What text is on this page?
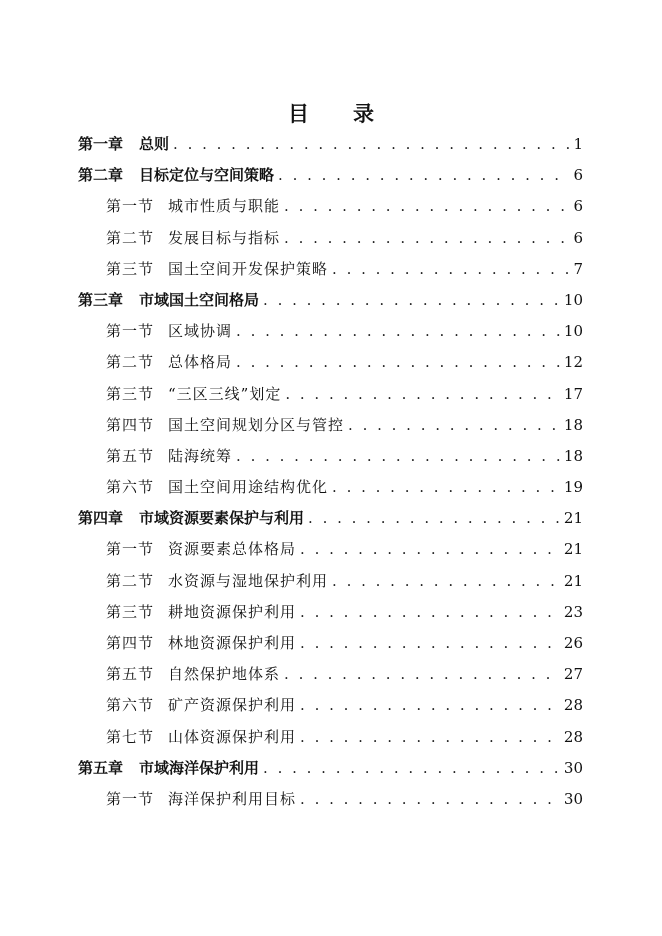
目 录
第一章 总则 . . .	1
第二章 目标定位与空间策略 . . .	6
第一节 城市性质与职能 . . .	6
第二节 发展目标与指标 . . .	6
第三节 国土空间开发保护策略 . . .	7
第三章 市域国土空间格局 . . .	10
第一节 区域协调 . . .	10
第二节 总体格局 . . .	12
第三节 “三区三线”划定 . . .	17
第四节 国土空间规划分区与管控 . . .	18
第五节 陆海统筹 . . .	18
第六节 国土空间用途结构优化 . . .	19
第四章 市域资源要素保护与利用 . . .	21
第一节 资源要素总体格局 . . .	21
第二节 水资源与湿地保护利用 . . .	21
第三节 耕地资源保护利用 . . .	23
第四节 林地资源保护利用 . . .	26
第五节 自然保护地体系 . . .	27
第六节 矿产资源保护利用 . . .	28
第七节 山体资源保护利用 . . .	28
第五章 市域海洋保护利用 . . .	30
第一节 海洋保护利用目标 . . .	30
